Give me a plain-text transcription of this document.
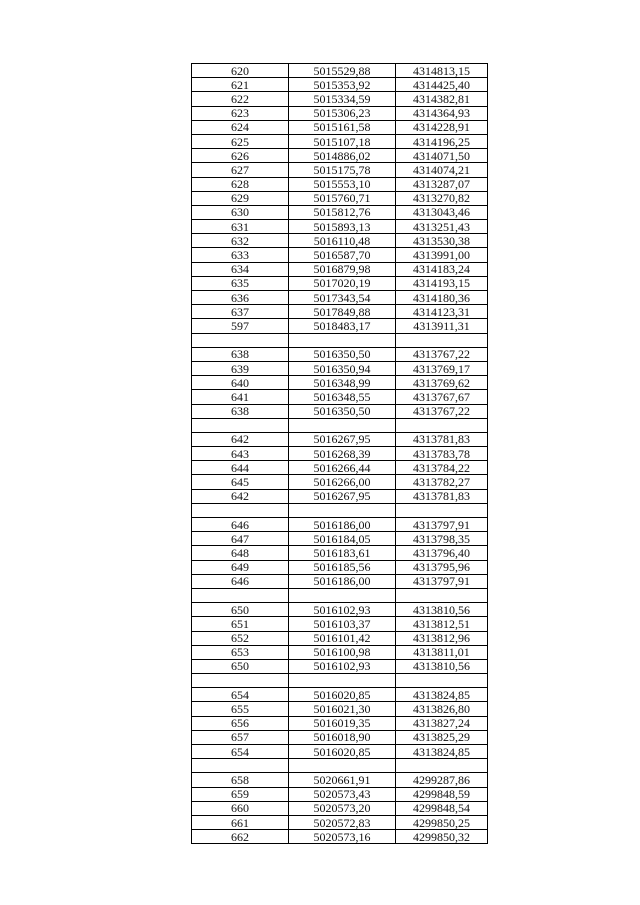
620	5015529,88	4314813,15
621	5015353,92	4314425,40
622	5015334,59	4314382,81
623	5015306,23	4314364,93
624	5015161,58	4314228,91
625	5015107,18	4314196,25
626	5014886,02	4314071,50
627	5015175,78	4314074,21
628	5015553,10	4313287,07
629	5015760,71	4313270,82
630	5015812,76	4313043,46
631	5015893,13	4313251,43
632	5016110,48	4313530,38
633	5016587,70	4313991,00
634	5016879,98	4314183,24
635	5017020,19	4314193,15
636	5017343,54	4314180,36
637	5017849,88	4314123,31
597	5018483,17	4313911,31

638	5016350,50	4313767,22
639	5016350,94	4313769,17
640	5016348,99	4313769,62
641	5016348,55	4313767,67
638	5016350,50	4313767,22

642	5016267,95	4313781,83
643	5016268,39	4313783,78
644	5016266,44	4313784,22
645	5016266,00	4313782,27
642	5016267,95	4313781,83

646	5016186,00	4313797,91
647	5016184,05	4313798,35
648	5016183,61	4313796,40
649	5016185,56	4313795,96
646	5016186,00	4313797,91

650	5016102,93	4313810,56
651	5016103,37	4313812,51
652	5016101,42	4313812,96
653	5016100,98	4313811,01
650	5016102,93	4313810,56

654	5016020,85	4313824,85
655	5016021,30	4313826,80
656	5016019,35	4313827,24
657	5016018,90	4313825,29
654	5016020,85	4313824,85

658	5020661,91	4299287,86
659	5020573,43	4299848,59
660	5020573,20	4299848,54
661	5020572,83	4299850,25
662	5020573,16	4299850,32
